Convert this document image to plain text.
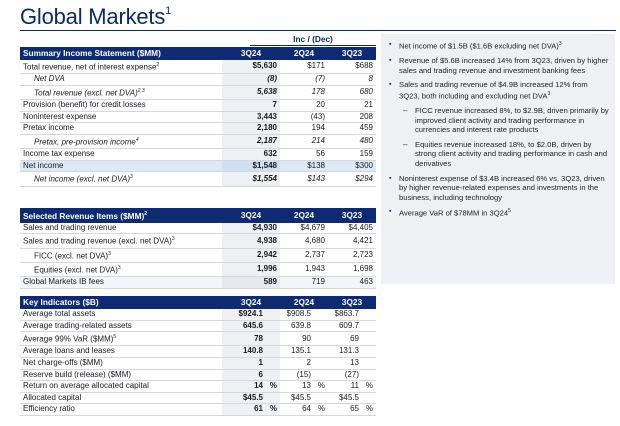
Global Markets$^1$
Inc / (Dec)
Summary Income Statement ($MM)	3Q24	2Q24	3Q23
Total revenue, net of interest expense$^2$	$5,630	$171	$688
Net DVA	(8)	(7)	8
Total revenue (excl. net DVA)$^{2,3}$	5,638	178	680
Provision (benefit) for credit losses	7	20	21
Noninterest expense	3,443	(43)	208
Pretax income	2,180	194	459
Pretax, pre-provision income$^4$	2,187	214	480
Income tax expense	632	56	159
Net income	$1,548	$138	$300
Net income (excl. net DVA)$^3$	$1,554	$143	$294
Selected Revenue Items ($MM)$^2$	3Q24	2Q24	3Q23
Sales and trading revenue	$4,930	$4,679	$4,405
Sales and trading revenue (excl. net DVA)$^3$	4,938	4,680	4,421
FICC (excl. net DVA)$^3$	2,942	2,737	2,723
Equities (excl. net DVA)$^3$	1,996	1,943	1,698
Global Markets IB fees	589	719	463
Key Indicators ($B)	3Q24	2Q24	3Q23
Average total assets	$924.1	$908.5	$863.7
Average trading-related assets	645.6	639.8	609.7
Average 99% VaR ($MM)$^5$	78	90	69
Average loans and leases	140.8	135.1	131.3
Net charge-offs ($MM)	1	2	13
Reserve build (release) ($MM)	6	(15)	(27)
Return on average allocated capital	14 %	13 %	11 %
Allocated capital	$45.5	$45.5	$45.5
Efficiency ratio	61 %	64 %	65 %
▪ Net income of $1.5B ($1.6B excluding net DVA)$^3$
▪ Revenue of $5.6B increased 14% from 3Q23, driven by higher sales and trading revenue and investment banking fees
▪ Sales and trading revenue of $4.9B increased 12% from 3Q23, both including and excluding net DVA$^3$
– FICC revenue increased 8%, to $2.9B, driven primarily by improved client activity and trading performance in currencies and interest rate products
– Equities revenue increased 18%, to $2.0B, driven by strong client activity and trading performance in cash and derivatives
▪ Noninterest expense of $3.4B increased 6% vs. 3Q23, driven by higher revenue-related expenses and investments in the business, including technology
▪ Average VaR of $78MM in $3Q24^5$
